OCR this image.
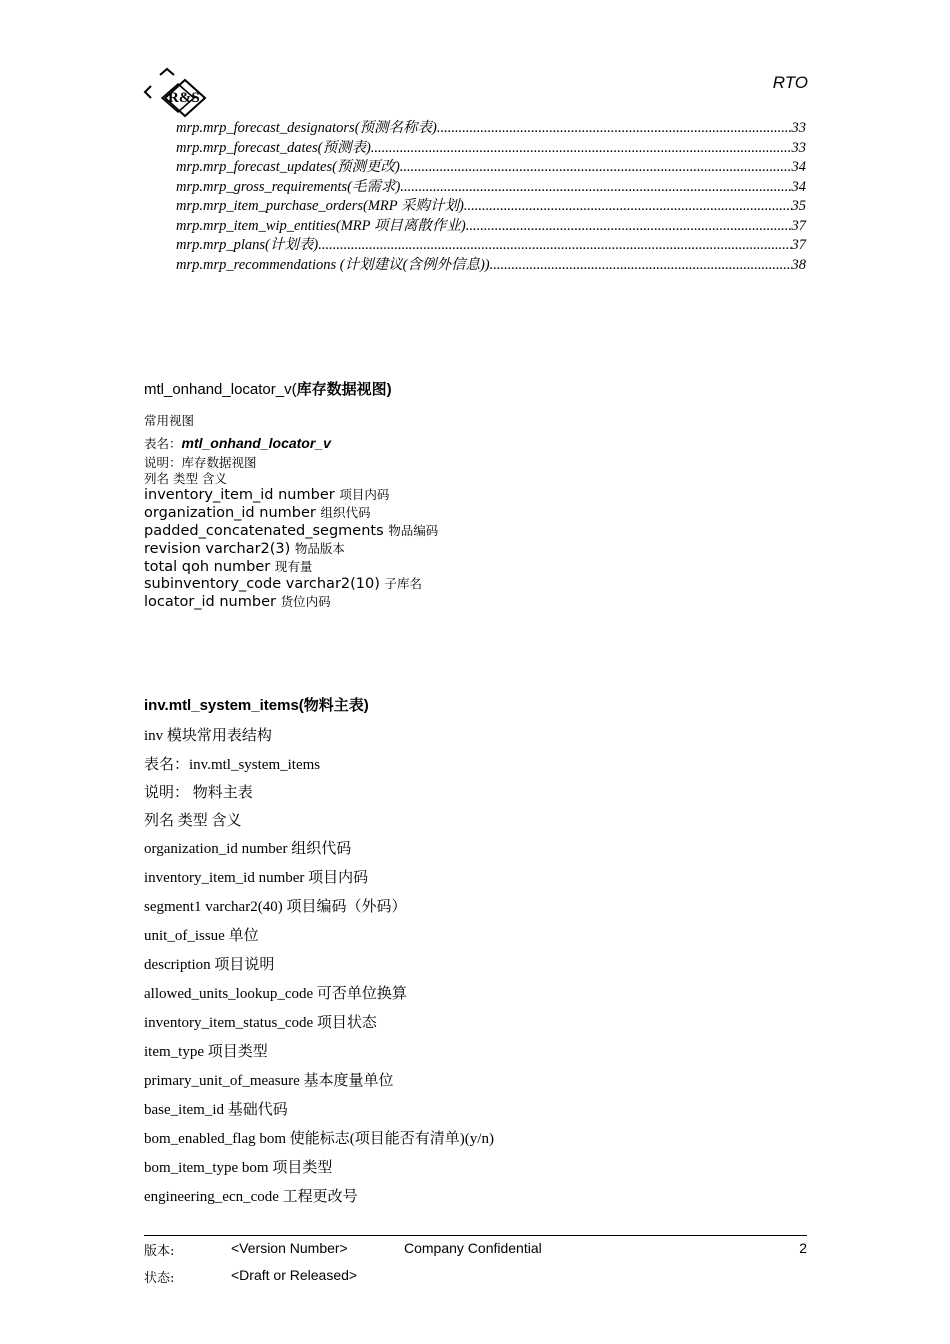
R&S
RTO
mrp.mrp_forecast_designators(预测名称表) .....	33
mrp.mrp_forecast_dates(预测表) .....	33
mrp.mrp_forecast_updates(预测更改) .....	34
mrp.mrp_gross_requirements(毛需求) .....	34
mrp.mrp_item_purchase_orders(MRP 采购计划) .....	35
mrp.mrp_item_wip_entities(MRP 项目离散作业) .....	37
mrp.mrp_plans(计划表) .....	37
mrp.mrp_recommendations (计划建议(含例外信息)) .....	38
mtl_onhand_locator_v(库存数据视图)
常用视图
表名：mtl_onhand_locator_v
说明：库存数据视图
列名 类型 含义
inventory_item_id number 项目内码
organization_id number 组织代码
padded_concatenated_segments 物品编码
revision varchar2(3) 物品版本
total qoh number 现有量
subinventory_code varchar2(10) 子库名
locator_id number 货位内码
inv.mtl_system_items(物料主表)
inv 模块常用表结构
表名：inv.mtl_system_items
说明： 物料主表
列名 类型 含义
organization_id number 组织代码
inventory_item_id number 项目内码
segment1 varchar2(40) 项目编码（外码）
unit_of_issue 单位
description 项目说明
allowed_units_lookup_code 可否单位换算
inventory_item_status_code 项目状态
item_type 项目类型
primary_unit_of_measure 基本度量单位
base_item_id 基础代码
bom_enabled_flag bom 使能标志(项目能否有清单)(y/n)
bom_item_type bom 项目类型
engineering_ecn_code 工程更改号
版本:	<Version Number>	Company Confidential	2
状态:	<Draft or Released>
